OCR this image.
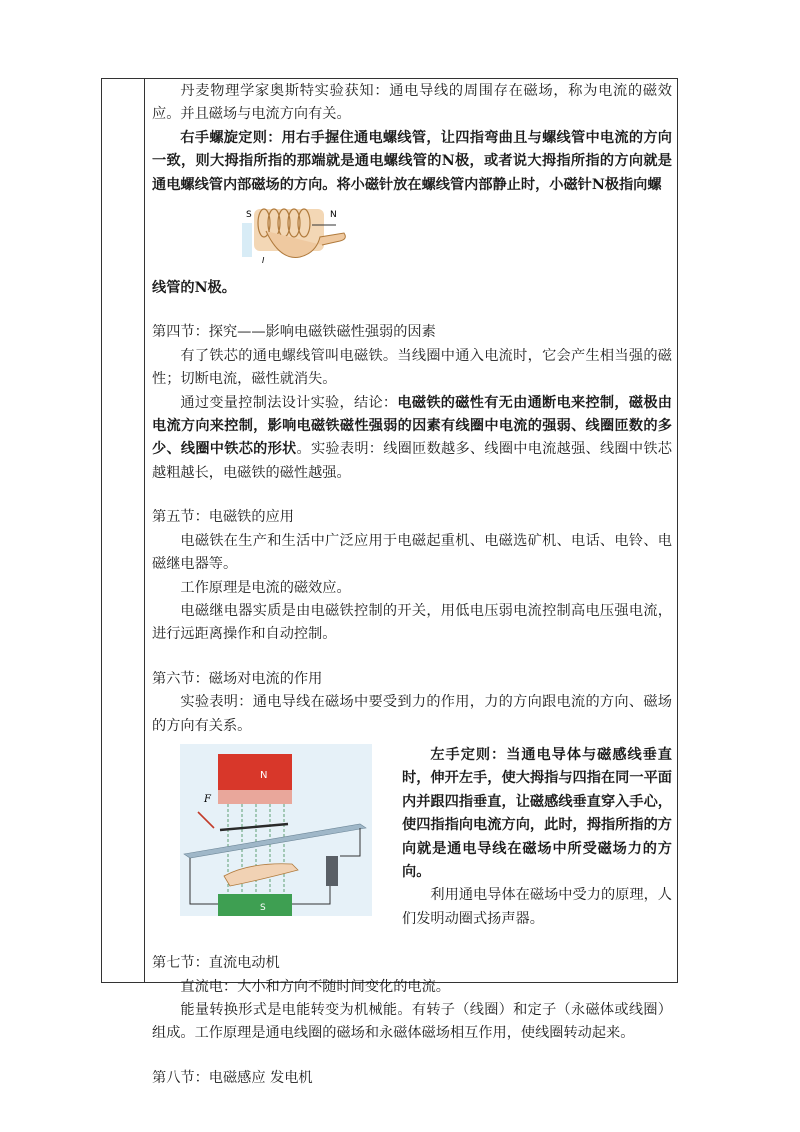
丹麦物理学家奥斯特实验获知：通电导线的周围存在磁场，称为电流的磁效应。并且磁场与电流方向有关。

右手螺旋定则：用右手握住通电螺线管，让四指弯曲且与螺线管中电流的方向一致，则大拇指所指的那端就是通电螺线管的N极，或者说大拇指所指的方向就是通电螺线管内部磁场的方向。将小磁针放在螺线管内部静止时，小磁针N极指向螺

S	N
I

线管的N极。

第四节：探究——影响电磁铁磁性强弱的因素

有了铁芯的通电螺线管叫电磁铁。当线圈中通入电流时，它会产生相当强的磁性；切断电流，磁性就消失。

通过变量控制法设计实验，结论：电磁铁的磁性有无由通断电来控制，磁极由电流方向来控制，影响电磁铁磁性强弱的因素有线圈中电流的强弱、线圈匝数的多少、线圈中铁芯的形状。实验表明：线圈匝数越多、线圈中电流越强、线圈中铁芯越粗越长，电磁铁的磁性越强。

第五节：电磁铁的应用

电磁铁在生产和生活中广泛应用于电磁起重机、电磁选矿机、电话、电铃、电磁继电器等。

工作原理是电流的磁效应。

电磁继电器实质是由电磁铁控制的开关，用低电压弱电流控制高电压强电流，进行远距离操作和自动控制。

第六节：磁场对电流的作用

实验表明：通电导线在磁场中要受到力的作用，力的方向跟电流的方向、磁场的方向有关系。

N
F
S

左手定则：当通电导体与磁感线垂直时，伸开左手，使大拇指与四指在同一平面内并跟四指垂直，让磁感线垂直穿入手心，使四指指向电流方向，此时，拇指所指的方向就是通电导线在磁场中所受磁场力的方向。

利用通电导体在磁场中受力的原理，人们发明动圈式扬声器。

第七节：直流电动机

直流电：大小和方向不随时间变化的电流。

能量转换形式是电能转变为机械能。有转子（线圈）和定子（永磁体或线圈）组成。工作原理是通电线圈的磁场和永磁体磁场相互作用，使线圈转动起来。

第八节：电磁感应 发电机
